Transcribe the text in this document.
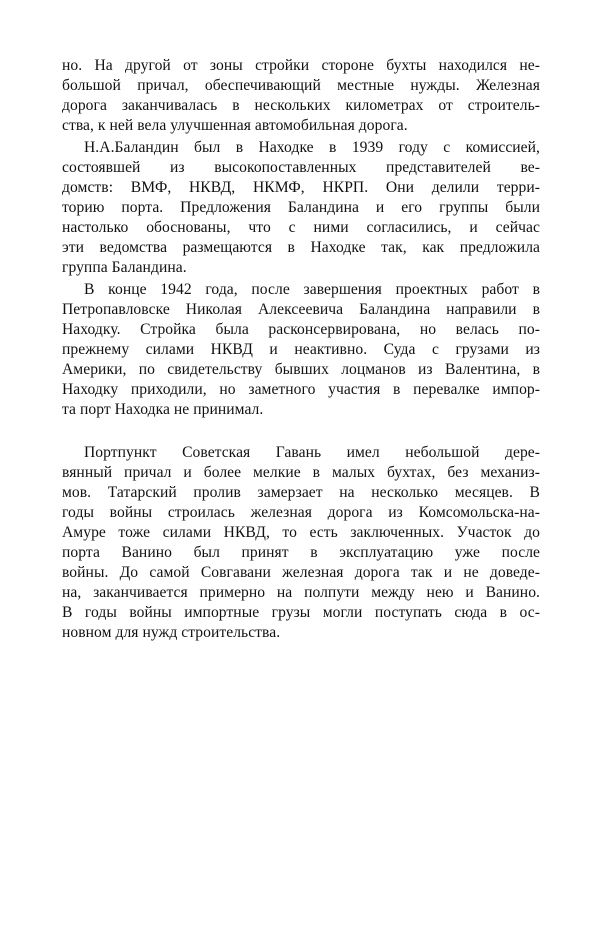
но. На другой от зоны стройки стороне бухты находился не-
большой причал, обеспечивающий местные нужды. Железная
дорога заканчивалась в нескольких километрах от строитель-
ства, к ней вела улучшенная автомобильная дорога.
Н.А.Баландин был в Находке в 1939 году с комиссией,
состоявшей из высокопоставленных представителей ве-
домств: ВМФ, НКВД, НКМФ, НКРП. Они делили терри-
торию порта. Предложения Баландина и его группы были
настолько обоснованы, что с ними согласились, и сейчас
эти ведомства размещаются в Находке так, как предложила
группа Баландина.
В конце 1942 года, после завершения проектных работ в
Петропавловске Николая Алексеевича Баландина направили в
Находку. Стройка была расконсервирована, но велась по-
прежнему силами НКВД и неактивно. Суда с грузами из
Америки, по свидетельству бывших лоцманов из Валентина, в
Находку приходили, но заметного участия в перевалке импор-
та порт Находка не принимал.
Портпункт Советская Гавань имел небольшой дере-
вянный причал и более мелкие в малых бухтах, без механиз-
мов. Татарский пролив замерзает на несколько месяцев. В
годы войны строилась железная дорога из Комсомольска-на-
Амуре тоже силами НКВД, то есть заключенных. Участок до
порта Ванино был принят в эксплуатацию уже после
войны. До самой Совгавани железная дорога так и не доведе-
на, заканчивается примерно на полпути между нею и Ванино.
В годы войны импортные грузы могли поступать сюда в ос-
новном для нужд строительства.
